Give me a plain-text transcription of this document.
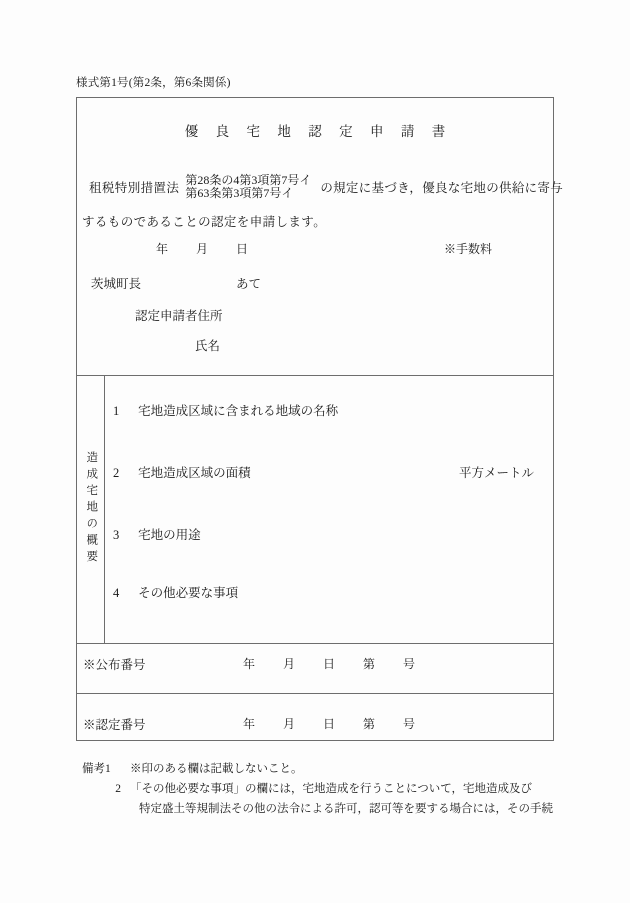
様式第1号(第2条，第6条関係)
優 良 宅 地 認 定 申 請 書
租税特別措置法
第28条の4第3項第7号イ
第63条第3項第7号イ	の規定に基づき，優良な宅地の供給に寄与
するものであることの認定を申請します。
年 月 日	※手数料
茨城町長	あて
認定申請者住所
氏名
造成宅地の概要
1 宅地造成区域に含まれる地域の名称
2 宅地造成区域の面積	平方メートル
3 宅地の用途
4 その他必要な事項
※公布番号	年 月 日 第 号
※認定番号	年 月 日 第 号
備考1	※印のある欄は記載しないこと。
2 「その他必要な事項」の欄には，宅地造成を行うことについて，宅地造成及び
特定盛土等規制法その他の法令による許可，認可等を要する場合には，その手続
